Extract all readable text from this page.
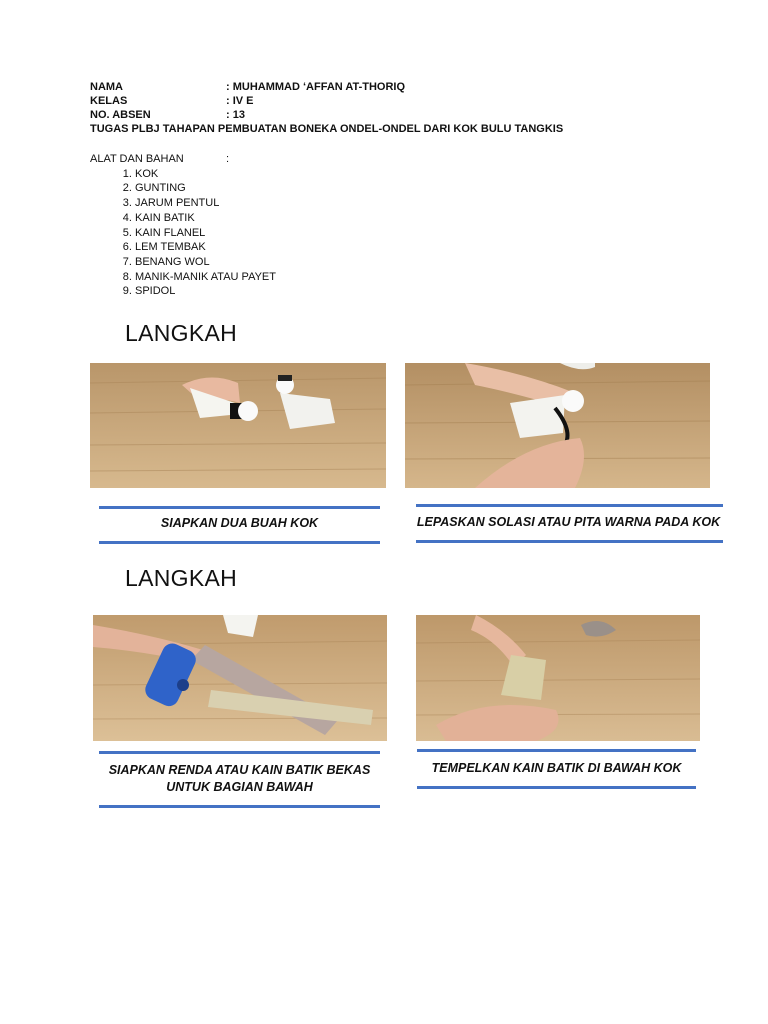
NAMA	: MUHAMMAD ‘AFFAN AT-THORIQ
KELAS	: IV E
NO. ABSEN	: 13
TUGAS PLBJ TAHAPAN PEMBUATAN BONEKA ONDEL-ONDEL DARI KOK BULU TANGKIS
ALAT DAN BAHAN	:
1. KOK
2. GUNTING
3. JARUM PENTUL
4. KAIN BATIK
5. KAIN FLANEL
6. LEM TEMBAK
7. BENANG WOL
8. MANIK-MANIK ATAU PAYET
9. SPIDOL
LANGKAH
SIAPKAN DUA BUAH KOK	LEPASKAN SOLASI ATAU PITA WARNA PADA KOK
LANGKAH
SIAPKAN RENDA ATAU KAIN BATIK BEKAS UNTUK BAGIAN BAWAH
TEMPELKAN KAIN BATIK DI BAWAH KOK
